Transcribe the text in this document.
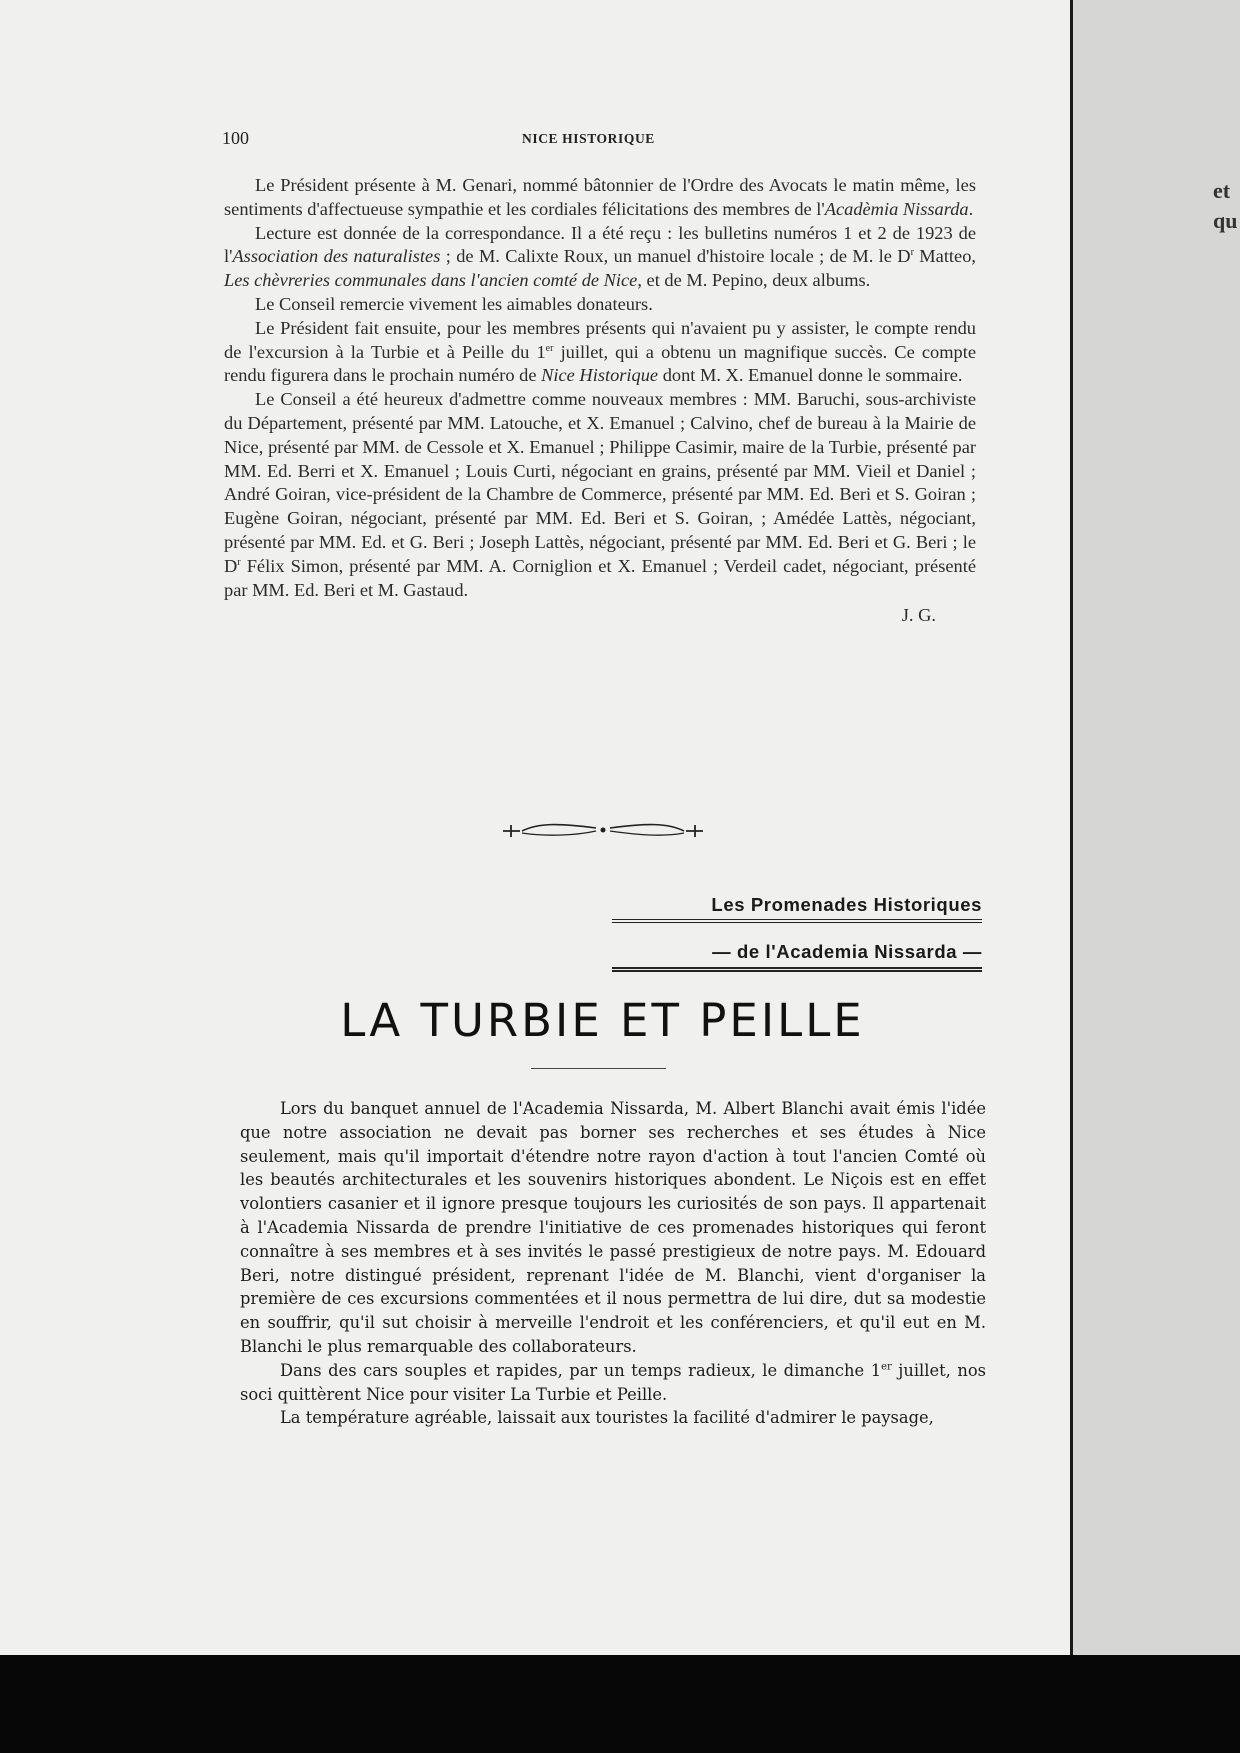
100	NICE HISTORIQUE

Le Président présente à M. Genari, nommé bâtonnier de l'Ordre des Avocats le matin même, les sentiments d'affectueuse sympathie et les cordiales félicitations des membres de l'Acadèmia Nissarda.

Lecture est donnée de la correspondance. Il a été reçu : les bulletins numéros 1 et 2 de 1923 de l'Association des naturalistes ; de M. Calixte Roux, un manuel d'histoire locale ; de M. le $D^r$ Matteo, Les chèvreries communales dans l'ancien comté de Nice, et de M. Pepino, deux albums.

Le Conseil remercie vivement les aimables donateurs.

Le Président fait ensuite, pour les membres présents qui n'avaient pu y assister, le compte rendu de l'excursion à la Turbie et à Peille du 1er juillet, qui a obtenu un magnifique succès. Ce compte rendu figurera dans le prochain numéro de Nice Historique dont M. X. Emanuel donne le sommaire.

Le Conseil a été heureux d'admettre comme nouveaux membres : MM. Baruchi, sous-archiviste du Département, présenté par MM. Latouche, et X. Emanuel ; Calvino, chef de bureau à la Mairie de Nice, présenté par MM. de Cessole et X. Emanuel ; Philippe Casimir, maire de la Turbie, présenté par MM. Ed. Berri et X. Emanuel ; Louis Curti, négociant en grains, présenté par MM. Vieil et Daniel ; André Goiran, vice-président de la Chambre de Commerce, présenté par MM. Ed. Beri et S. Goiran ; Eugène Goiran, négociant, présenté par MM. Ed. Beri et S. Goiran, ; Amédée Lattès, négociant, présenté par MM. Ed. et G. Beri ; Joseph Lattès, négociant, présenté par MM. Ed. Beri et G. Beri ; le $D^r$ Félix Simon, présenté par MM. A. Corniglion et X. Emanuel ; Verdeil cadet, négociant, présenté par MM. Ed. Beri et M. Gastaud.

J. G.

Les Promenades Historiques
— de l'Academia Nissarda —
LA TURBIE ET PEILLE

Lors du banquet annuel de l'Academia Nissarda, M. Albert Blanchi avait émis l'idée que notre association ne devait pas borner ses recherches et ses études à Nice seulement, mais qu'il importait d'étendre notre rayon d'action à tout l'ancien Comté où les beautés architecturales et les souvenirs historiques abondent. Le Niçois est en effet volontiers casanier et il ignore presque toujours les curiosités de son pays. Il appartenait à l'Academia Nissarda de prendre l'initiative de ces promenades historiques qui feront connaître à ses membres et à ses invités le passé prestigieux de notre pays. M. Edouard Beri, notre distingué président, reprenant l'idée de M. Blanchi, vient d'organiser la première de ces excursions commentées et il nous permettra de lui dire, dut sa modestie en souffrir, qu'il sut choisir à merveille l'endroit et les conférenciers, et qu'il eut en M. Blanchi le plus remarquable des collaborateurs.

Dans des cars souples et rapides, par un temps radieux, le dimanche 1er juillet, nos soci quittèrent Nice pour visiter La Turbie et Peille.

La température agréable, laissait aux touristes la facilité d'admirer le paysage,

et
qu
